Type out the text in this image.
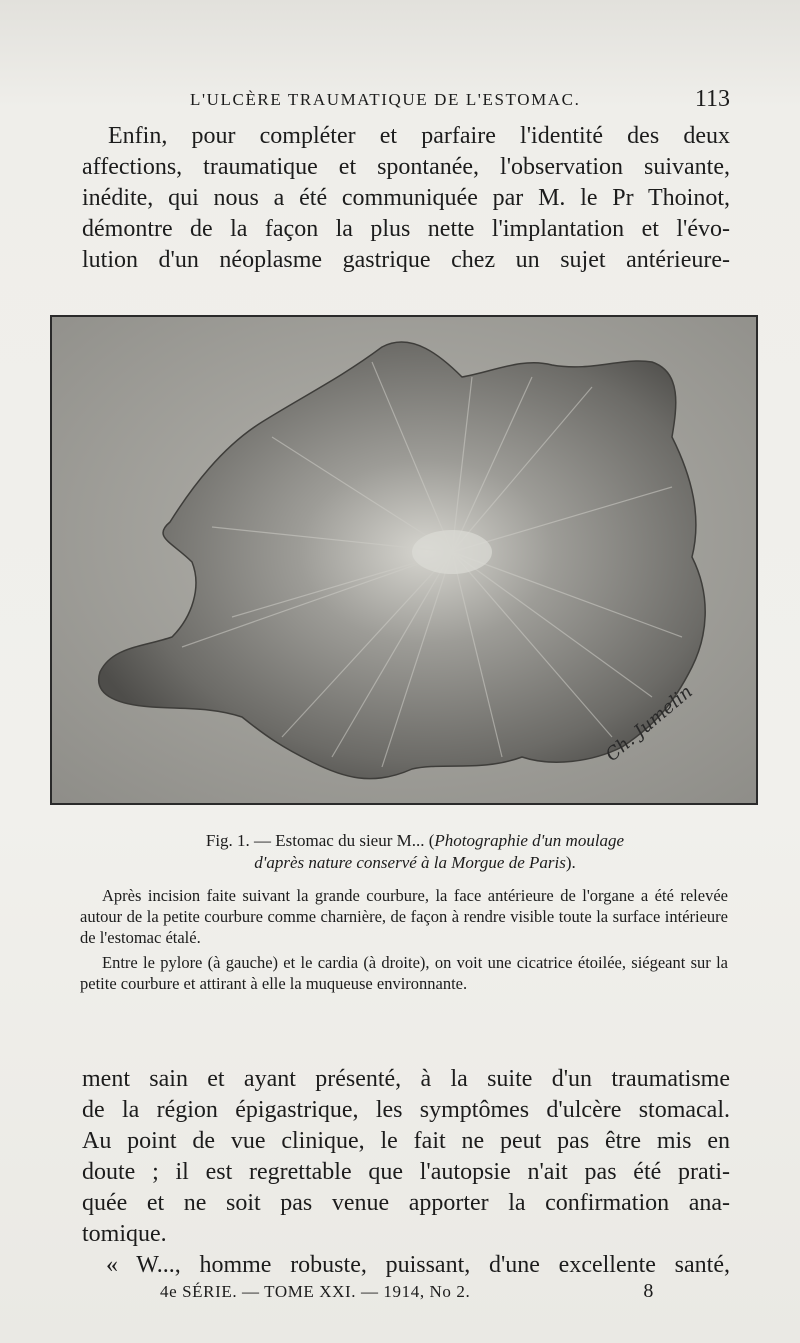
L'ULCÈRE TRAUMATIQUE DE L'ESTOMAC.	113
Enfin, pour compléter et parfaire l'identité des deux
affections, traumatique et spontanée, l'observation suivante,
inédite, qui nous a été communiquée par M. le Pr Thoinot,
démontre de la façon la plus nette l'implantation et l'évo-
lution d'un néoplasme gastrique chez un sujet antérieure-
Ch. Jumelin
Fig. 1. — Estomac du sieur M... (Photographie d'un moulage
d'après nature conservé à la Morgue de Paris).

Après incision faite suivant la grande courbure, la face antérieure de l'organe a été relevée autour de la petite courbure comme charnière, de façon à rendre visible toute la surface intérieure de l'estomac étalé.

Entre le pylore (à gauche) et le cardia (à droite), on voit une cicatrice étoilée, siégeant sur la petite courbure et attirant à elle la muqueuse environnante.

ment sain et ayant présenté, à la suite d'un traumatisme
de la région épigastrique, les symptômes d'ulcère stomacal.
Au point de vue clinique, le fait ne peut pas être mis en
doute ; il est regrettable que l'autopsie n'ait pas été prati-
quée et ne soit pas venue apporter la confirmation ana-
tomique.
« W..., homme robuste, puissant, d'une excellente santé,
4e SÉRIE. — TOME XXI. — 1914, No 2.	8
